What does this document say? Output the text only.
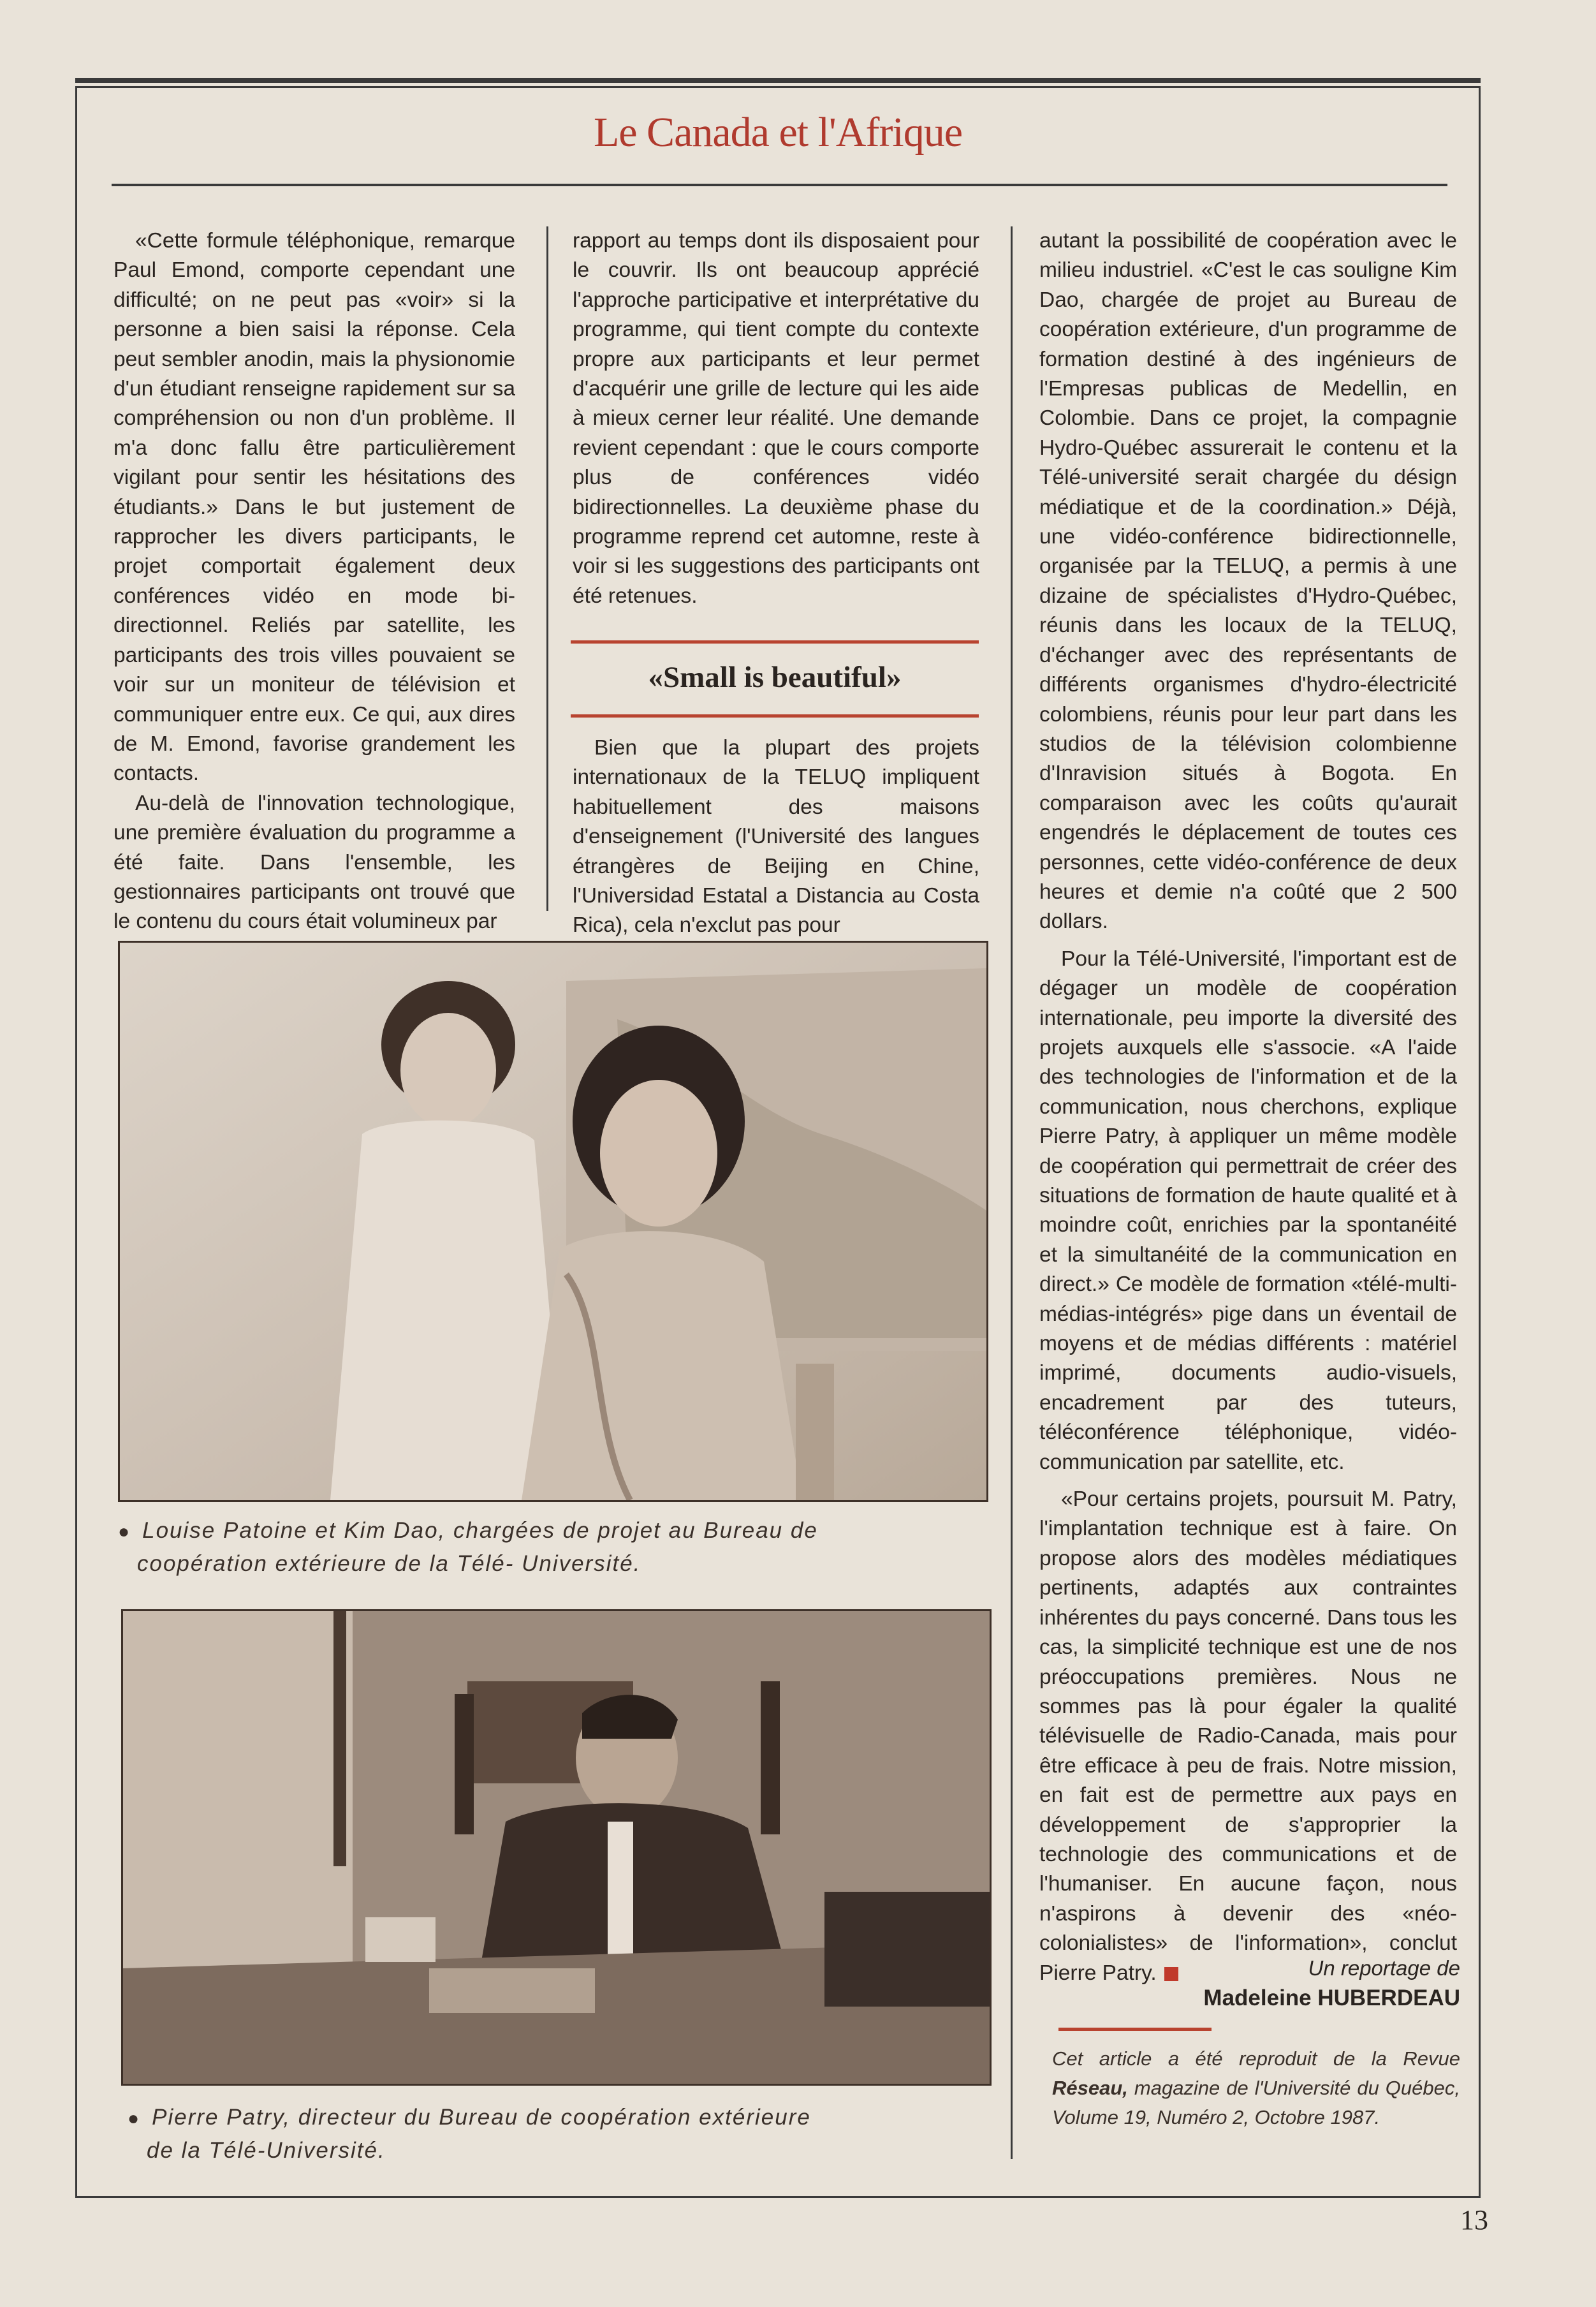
Le Canada et l'Afrique

«Cette formule téléphonique, remarque Paul Emond, comporte cependant une difficulté; on ne peut pas «voir» si la personne a bien saisi la réponse. Cela peut sembler anodin, mais la physionomie d'un étudiant renseigne rapidement sur sa compréhension ou non d'un problème. Il m'a donc fallu être particulièrement vigilant pour sentir les hésitations des étudiants.» Dans le but justement de rapprocher les divers participants, le projet comportait également deux conférences vidéo en mode bi-directionnel. Reliés par satellite, les participants des trois villes pouvaient se voir sur un moniteur de télévision et communiquer entre eux. Ce qui, aux dires de M. Emond, favorise grandement les contacts.

Au-delà de l'innovation technologique, une première évaluation du programme a été faite. Dans l'ensemble, les gestionnaires participants ont trouvé que le contenu du cours était volumineux par

rapport au temps dont ils disposaient pour le couvrir. Ils ont beaucoup apprécié l'approche participative et interprétative du programme, qui tient compte du contexte propre aux participants et leur permet d'acquérir une grille de lecture qui les aide à mieux cerner leur réalité. Une demande revient cependant : que le cours comporte plus de conférences vidéo bidirectionnelles. La deuxième phase du programme reprend cet automne, reste à voir si les suggestions des participants ont été retenues.

«Small is beautiful»

Bien que la plupart des projets internationaux de la TELUQ impliquent habituellement des maisons d'enseignement (l'Université des langues étrangères de Beijing en Chine, l'Universidad Estatal a Distancia au Costa Rica), cela n'exclut pas pour

autant la possibilité de coopération avec le milieu industriel. «C'est le cas souligne Kim Dao, chargée de projet au Bureau de coopération extérieure, d'un programme de formation destiné à des ingénieurs de l'Empresas publicas de Medellin, en Colombie. Dans ce projet, la compagnie Hydro-Québec assurerait le contenu et la Télé-université serait chargée du désign médiatique et de la coordination.» Déjà, une vidéo-conférence bidirectionnelle, organisée par la TELUQ, a permis à une dizaine de spécialistes d'Hydro-Québec, réunis dans les locaux de la TELUQ, d'échanger avec des représentants de différents organismes d'hydro-électricité colombiens, réunis pour leur part dans les studios de la télévision colombienne d'Inravision situés à Bogota. En comparaison avec les coûts qu'aurait engendrés le déplacement de toutes ces personnes, cette vidéo-conférence de deux heures et demie n'a coûté que 2 500 dollars.

Pour la Télé-Université, l'important est de dégager un modèle de coopération internationale, peu importe la diversité des projets auxquels elle s'associe. «A l'aide des technologies de l'information et de la communication, nous cherchons, explique Pierre Patry, à appliquer un même modèle de coopération qui permettrait de créer des situations de formation de haute qualité et à moindre coût, enrichies par la spontanéité et la simultanéité de la communication en direct.» Ce modèle de formation «télé-multi-médias-intégrés» pige dans un éventail de moyens et de médias différents : matériel imprimé, documents audio-visuels, encadrement par des tuteurs, téléconférence téléphonique, vidéo-communication par satellite, etc.

«Pour certains projets, poursuit M. Patry, l'implantation technique est à faire. On propose alors des modèles médiatiques pertinents, adaptés aux contraintes inhérentes du pays concerné. Dans tous les cas, la simplicité technique est une de nos préoccupations premières. Nous ne sommes pas là pour égaler la qualité télévisuelle de Radio-Canada, mais pour être efficace à peu de frais. Notre mission, en fait est de permettre aux pays en développement de s'approprier la technologie des communications et de l'humaniser. En aucune façon, nous n'aspirons à devenir des «néo-colonialistes» de l'information», conclut Pierre Patry.	Un reportage de
Madeleine HUBERDEAU
Cet article a été reproduit de la Revue Réseau, magazine de l'Université du Québec, Volume 19, Numéro 2, Octobre 1987.
● Louise Patoine et Kim Dao, chargées de projet au Bureau de
coopération extérieure de la Télé- Université.
● Pierre Patry, directeur du Bureau de coopération extérieure
de la Télé-Université.
13
